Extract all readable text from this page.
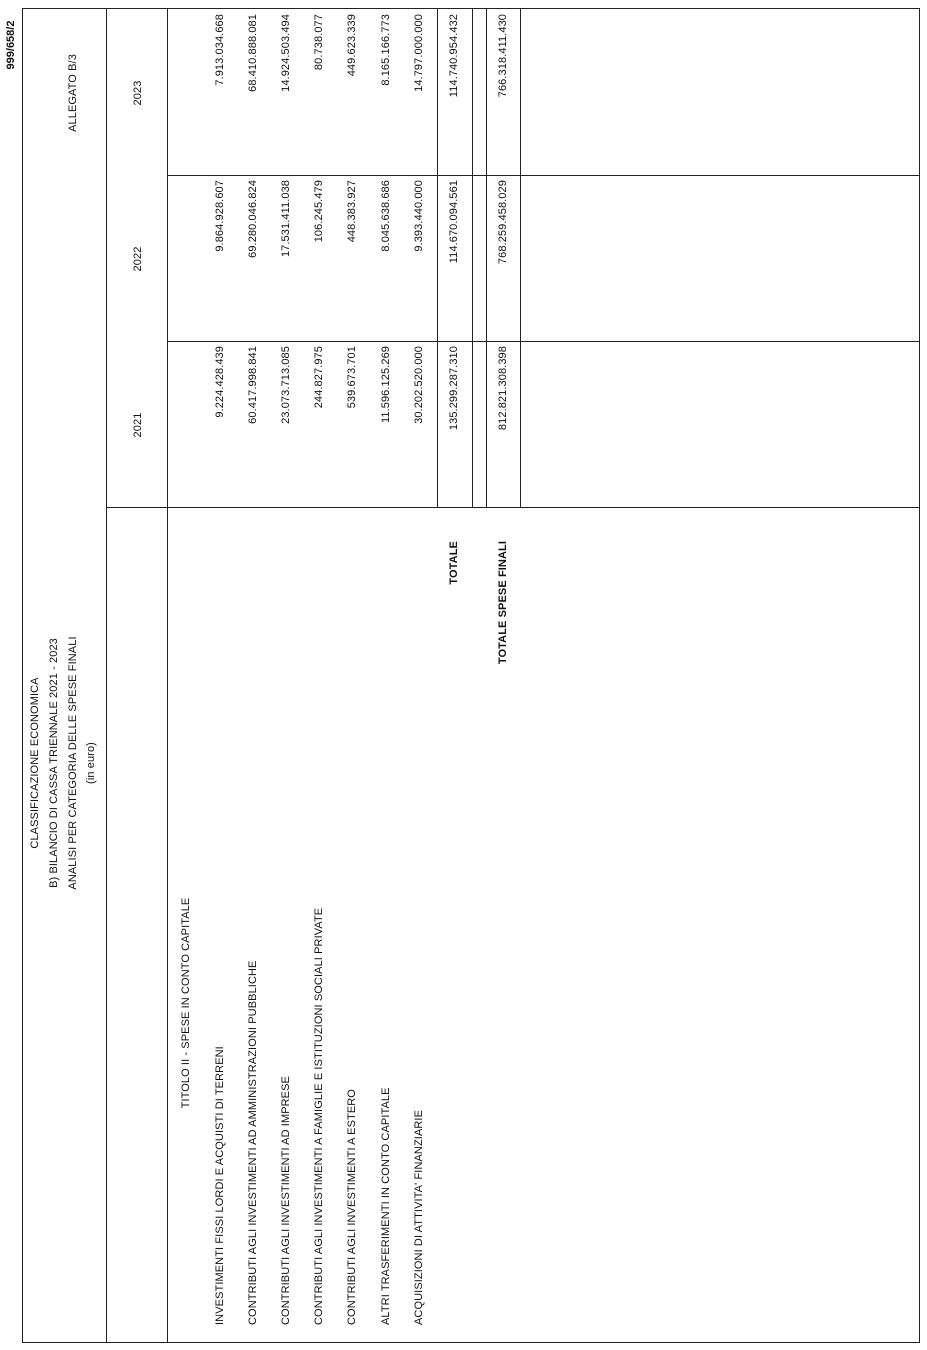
999/658/2
CLASSIFICAZIONE ECONOMICA B) BILANCIO DI CASSA TRIENNALE 2021 - 2023 ANALISI PER CATEGORIA DELLE SPESE FINALI (in euro)
ALLEGATO B/3
2021
2022
2023
TITOLO II - SPESE IN CONTO CAPITALE
INVESTIMENTI FISSI LORDI E ACQUISTI DI TERRENI
9.224.428.439
9.864.928.607
7.913.034.668
CONTRIBUTI AGLI INVESTIMENTI AD AMMINISTRAZIONI PUBBLICHE
60.417.998.841
69.280.046.824
68.410.888.081
CONTRIBUTI AGLI INVESTIMENTI AD IMPRESE
23.073.713.085
17.531.411.038
14.924.503.494
CONTRIBUTI AGLI INVESTIMENTI A FAMIGLIE E ISTITUZIONI SOCIALI PRIVATE
244.827.975
106.245.479
80.738.077
CONTRIBUTI AGLI INVESTIMENTI A ESTERO
539.673.701
448.383.927
449.623.339
ALTRI TRASFERIMENTI IN CONTO CAPITALE
11.596.125.269
8.045.638.686
8.165.166.773
ACQUISIZIONI DI ATTIVITA' FINANZIARIE
30.202.520.000
9.393.440.000
14.797.000.000
TOTALE
135.299.287.310
114.670.094.561
114.740.954.432
TOTALE SPESE FINALI
812.821.308.398
768.259.458.029
766.318.411.430
